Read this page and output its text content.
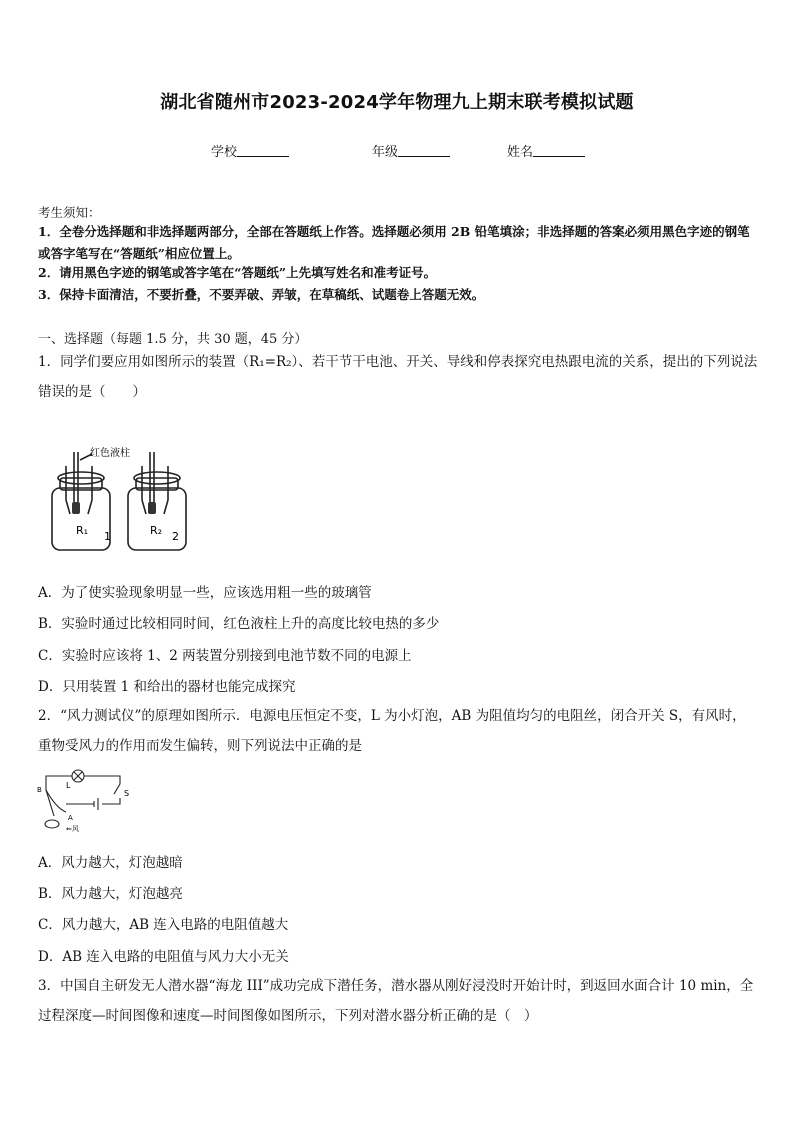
湖北省随州市2023-2024学年物理九上期末联考模拟试题
学校	年级	姓名
考生须知：
1．全卷分选择题和非选择题两部分，全部在答题纸上作答。选择题必须用 2B 铅笔填涂；非选择题的答案必须用黑色字迹的钢笔或答字笔写在“答题纸”相应位置上。
2．请用黑色字迹的钢笔或答字笔在“答题纸”上先填写姓名和准考证号。
3．保持卡面清洁，不要折叠，不要弄破、弄皱，在草稿纸、试题卷上答题无效。
一、选择题（每题 1.5 分，共 30 题，45 分）
1．同学们要应用如图所示的装置（R₁=R₂）、若干节干电池、开关、导线和停表探究电热跟电流的关系，提出的下列说法错误的是（　　）
红色液柱
R₁	R₂
1	2
A．为了使实验现象明显一些，应该选用粗一些的玻璃管
B．实验时通过比较相同时间，红色液柱上升的高度比较电热的多少
C．实验时应该将 1、2 两装置分别接到电池节数不同的电源上
D．只用装置 1 和给出的器材也能完成探究
2．“风力测试仪”的原理如图所示．电源电压恒定不变，L 为小灯泡，AB 为阻值均匀的电阻丝，闭合开关 S，有风时，重物受风力的作用而发生偏转，则下列说法中正确的是
L
S
B
A
⇐风
A．风力越大，灯泡越暗
B．风力越大，灯泡越亮
C．风力越大，AB 连入电路的电阻值越大
D．AB 连入电路的电阻值与风力大小无关
3．中国自主研发无人潜水器“海龙 III”成功完成下潜任务，潜水器从刚好浸没时开始计时，到返回水面合计 10 min，全过程深度—时间图像和速度—时间图像如图所示，下列对潜水器分析正确的是（　）
